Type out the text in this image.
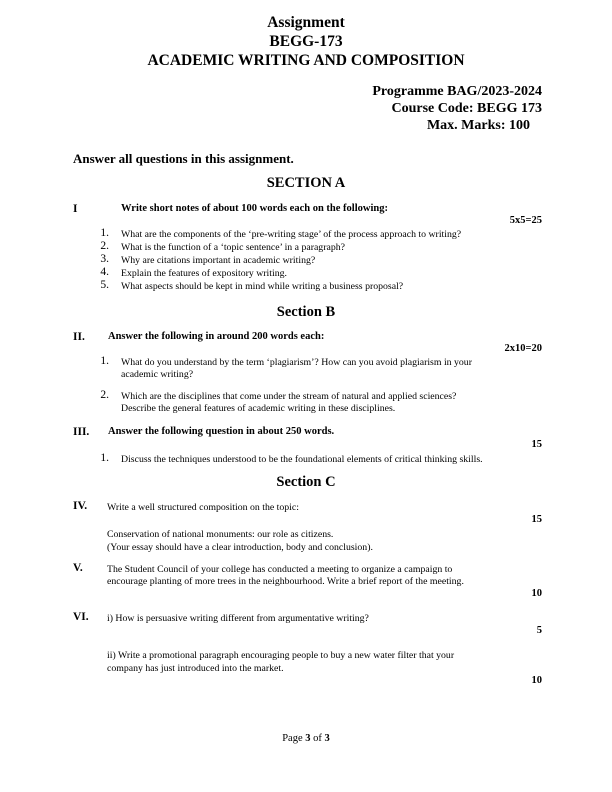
Assignment
BEGG-173
ACADEMIC WRITING AND COMPOSITION
Programme BAG/2023-2024
Course Code: BEGG 173
Max. Marks: 100
Answer all questions in this assignment.
SECTION A
I	Write short notes of about 100 words each on the following:
5x5=25
1. What are the components of the ‘pre-writing stage’ of the process approach to writing?
2. What is the function of a ‘topic sentence’ in a paragraph?
3. Why are citations important in academic writing?
4. Explain the features of expository writing.
5. What aspects should be kept in mind while writing a business proposal?
Section B
II. Answer the following in around 200 words each:
2x10=20
1. What do you understand by the term ‘plagiarism’? How can you avoid plagiarism in your
academic writing?
2. Which are the disciplines that come under the stream of natural and applied sciences?
Describe the general features of academic writing in these disciplines.
III. Answer the following question in about 250 words.
15
1. Discuss the techniques understood to be the foundational elements of critical thinking skills.
Section C
IV. Write a well structured composition on the topic:
15
Conservation of national monuments: our role as citizens.
(Your essay should have a clear introduction, body and conclusion).
V. The Student Council of your college has conducted a meeting to organize a campaign to
encourage planting of more trees in the neighbourhood. Write a brief report of the meeting.
10
VI. i) How is persuasive writing different from argumentative writing?
5
ii) Write a promotional paragraph encouraging people to buy a new water filter that your
company has just introduced into the market.
10
Page 3 of 3
